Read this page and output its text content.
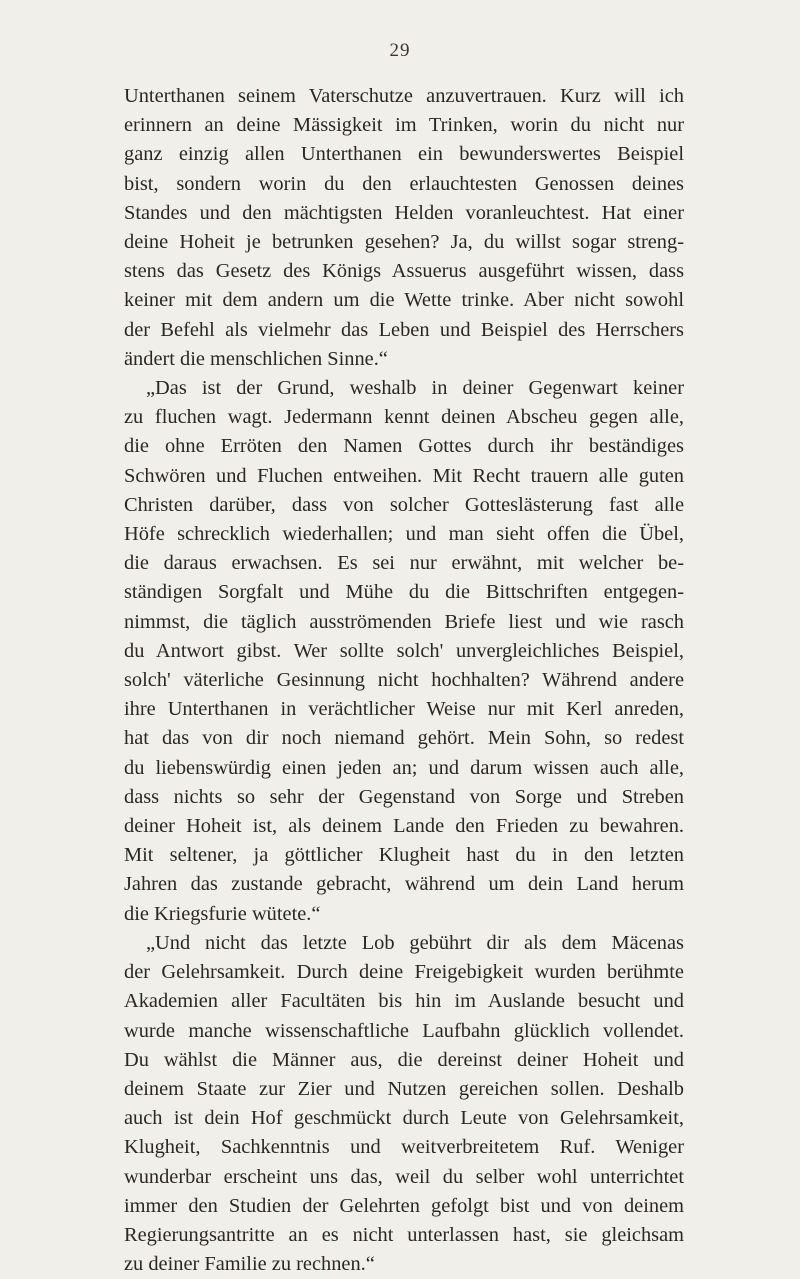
29
Unterthanen seinem Vaterschutze anzuvertrauen. Kurz will ich
erinnern an deine Mässigkeit im Trinken, worin du nicht nur
ganz einzig allen Unterthanen ein bewunderswertes Beispiel
bist, sondern worin du den erlauchtesten Genossen deines
Standes und den mächtigsten Helden voranleuchtest. Hat einer
deine Hoheit je betrunken gesehen? Ja, du willst sogar streng-
stens das Gesetz des Königs Assuerus ausgeführt wissen, dass
keiner mit dem andern um die Wette trinke. Aber nicht sowohl
der Befehl als vielmehr das Leben und Beispiel des Herrschers
ändert die menschlichen Sinne.“
„Das ist der Grund, weshalb in deiner Gegenwart keiner
zu fluchen wagt. Jedermann kennt deinen Abscheu gegen alle,
die ohne Erröten den Namen Gottes durch ihr beständiges
Schwören und Fluchen entweihen. Mit Recht trauern alle guten
Christen darüber, dass von solcher Gotteslästerung fast alle
Höfe schrecklich wiederhallen; und man sieht offen die Übel,
die daraus erwachsen. Es sei nur erwähnt, mit welcher be-
ständigen Sorgfalt und Mühe du die Bittschriften entgegen-
nimmst, die täglich ausströmenden Briefe liest und wie rasch
du Antwort gibst. Wer sollte solch' unvergleichliches Beispiel,
solch' väterliche Gesinnung nicht hochhalten? Während andere
ihre Unterthanen in verächtlicher Weise nur mit Kerl anreden,
hat das von dir noch niemand gehört. Mein Sohn, so redest
du liebenswürdig einen jeden an; und darum wissen auch alle,
dass nichts so sehr der Gegenstand von Sorge und Streben
deiner Hoheit ist, als deinem Lande den Frieden zu bewahren.
Mit seltener, ja göttlicher Klugheit hast du in den letzten
Jahren das zustande gebracht, während um dein Land herum
die Kriegsfurie wütete.“
„Und nicht das letzte Lob gebührt dir als dem Mäcenas
der Gelehrsamkeit. Durch deine Freigebigkeit wurden berühmte
Akademien aller Facultäten bis hin im Auslande besucht und
wurde manche wissenschaftliche Laufbahn glücklich vollendet.
Du wählst die Männer aus, die dereinst deiner Hoheit und
deinem Staate zur Zier und Nutzen gereichen sollen. Deshalb
auch ist dein Hof geschmückt durch Leute von Gelehrsamkeit,
Klugheit, Sachkenntnis und weitverbreitetem Ruf. Weniger
wunderbar erscheint uns das, weil du selber wohl unterrichtet
immer den Studien der Gelehrten gefolgt bist und von deinem
Regierungsantritte an es nicht unterlassen hast, sie gleichsam
zu deiner Familie zu rechnen.“
